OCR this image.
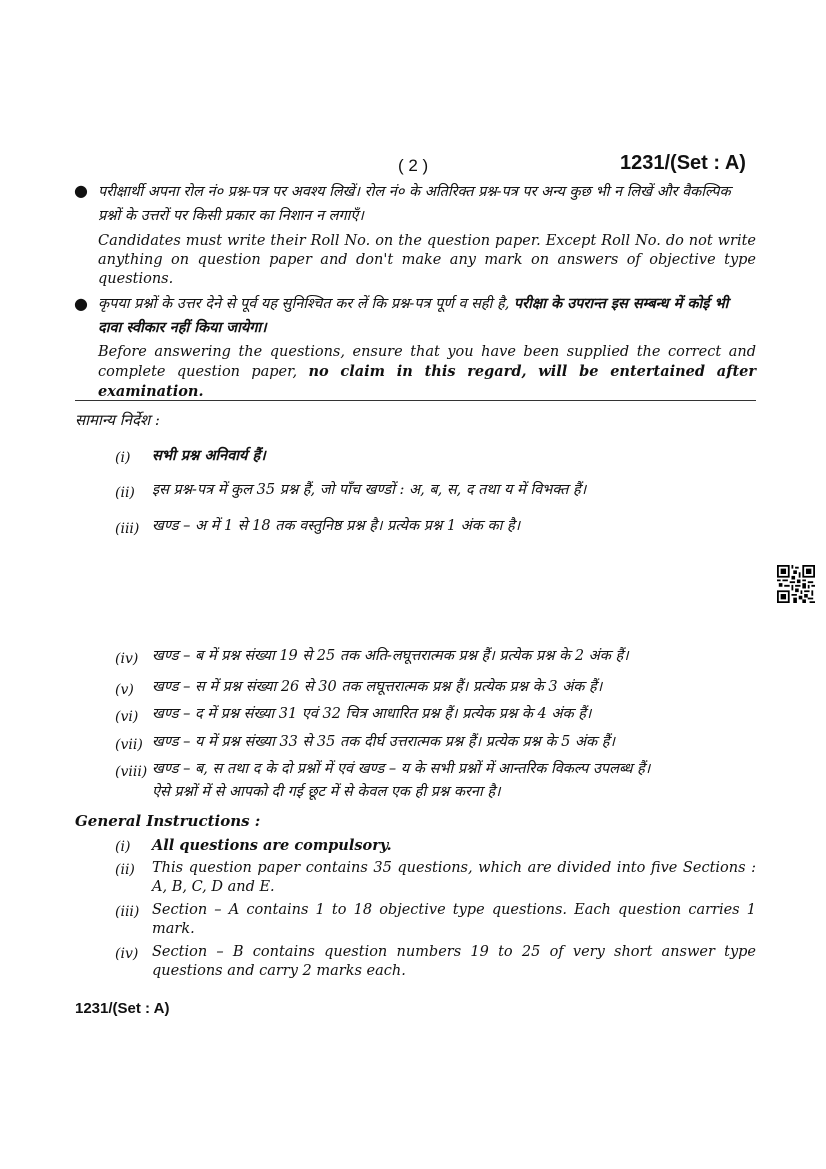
( 2 )	1231/(Set : A)
● परीक्षार्थी अपना रोल नं० प्रश्न-पत्र पर अवश्य लिखें। रोल नं० के अतिरिक्त प्रश्न-पत्र पर अन्य कुछ भी न लिखें और वैकल्पिक प्रश्नों के उत्तरों पर किसी प्रकार का निशान न लगाएँ।
Candidates must write their Roll No. on the question paper. Except Roll No. do not write anything on question paper and don't make any mark on answers of objective type questions.
● कृपया प्रश्नों के उत्तर देने से पूर्व यह सुनिश्चित कर लें कि प्रश्न-पत्र पूर्ण व सही है, परीक्षा के उपरान्त इस सम्बन्ध में कोई भी दावा स्वीकार नहीं किया जायेगा।
Before answering the questions, ensure that you have been supplied the correct and complete question paper, no claim in this regard, will be entertained after examination.
सामान्य निर्देश :
(i) सभी प्रश्न अनिवार्य हैं।
(ii) इस प्रश्न-पत्र में कुल 35 प्रश्न हैं, जो पाँच खण्डों : अ, ब, स, द तथा य में विभक्त हैं।
(iii) खण्ड – अ में 1 से 18 तक वस्तुनिष्ठ प्रश्न है। प्रत्येक प्रश्न 1 अंक का है।
(iv) खण्ड – ब में प्रश्न संख्या 19 से 25 तक अति-लघूत्तरात्मक प्रश्न हैं। प्रत्येक प्रश्न के 2 अंक हैं।
(v) खण्ड – स में प्रश्न संख्या 26 से 30 तक लघूत्तरात्मक प्रश्न हैं। प्रत्येक प्रश्न के 3 अंक हैं।
(vi) खण्ड – द में प्रश्न संख्या 31 एवं 32 चित्र आधारित प्रश्न हैं। प्रत्येक प्रश्न के 4 अंक हैं।
(vii) खण्ड – य में प्रश्न संख्या 33 से 35 तक दीर्घ उत्तरात्मक प्रश्न हैं। प्रत्येक प्रश्न के 5 अंक हैं।
(viii) खण्ड – ब, स तथा द के दो प्रश्नों में एवं खण्ड – य के सभी प्रश्नों में आन्तरिक विकल्प उपलब्ध हैं।
ऐसे प्रश्नों में से आपको दी गई छूट में से केवल एक ही प्रश्न करना है।
General Instructions :
(i) All questions are compulsory.
(ii) This question paper contains 35 questions, which are divided into five Sections : A, B, C, D and E.
(iii) Section – A contains 1 to 18 objective type questions. Each question carries 1 mark.
(iv) Section – B contains question numbers 19 to 25 of very short answer type questions and carry 2 marks each.
1231/(Set : A)
